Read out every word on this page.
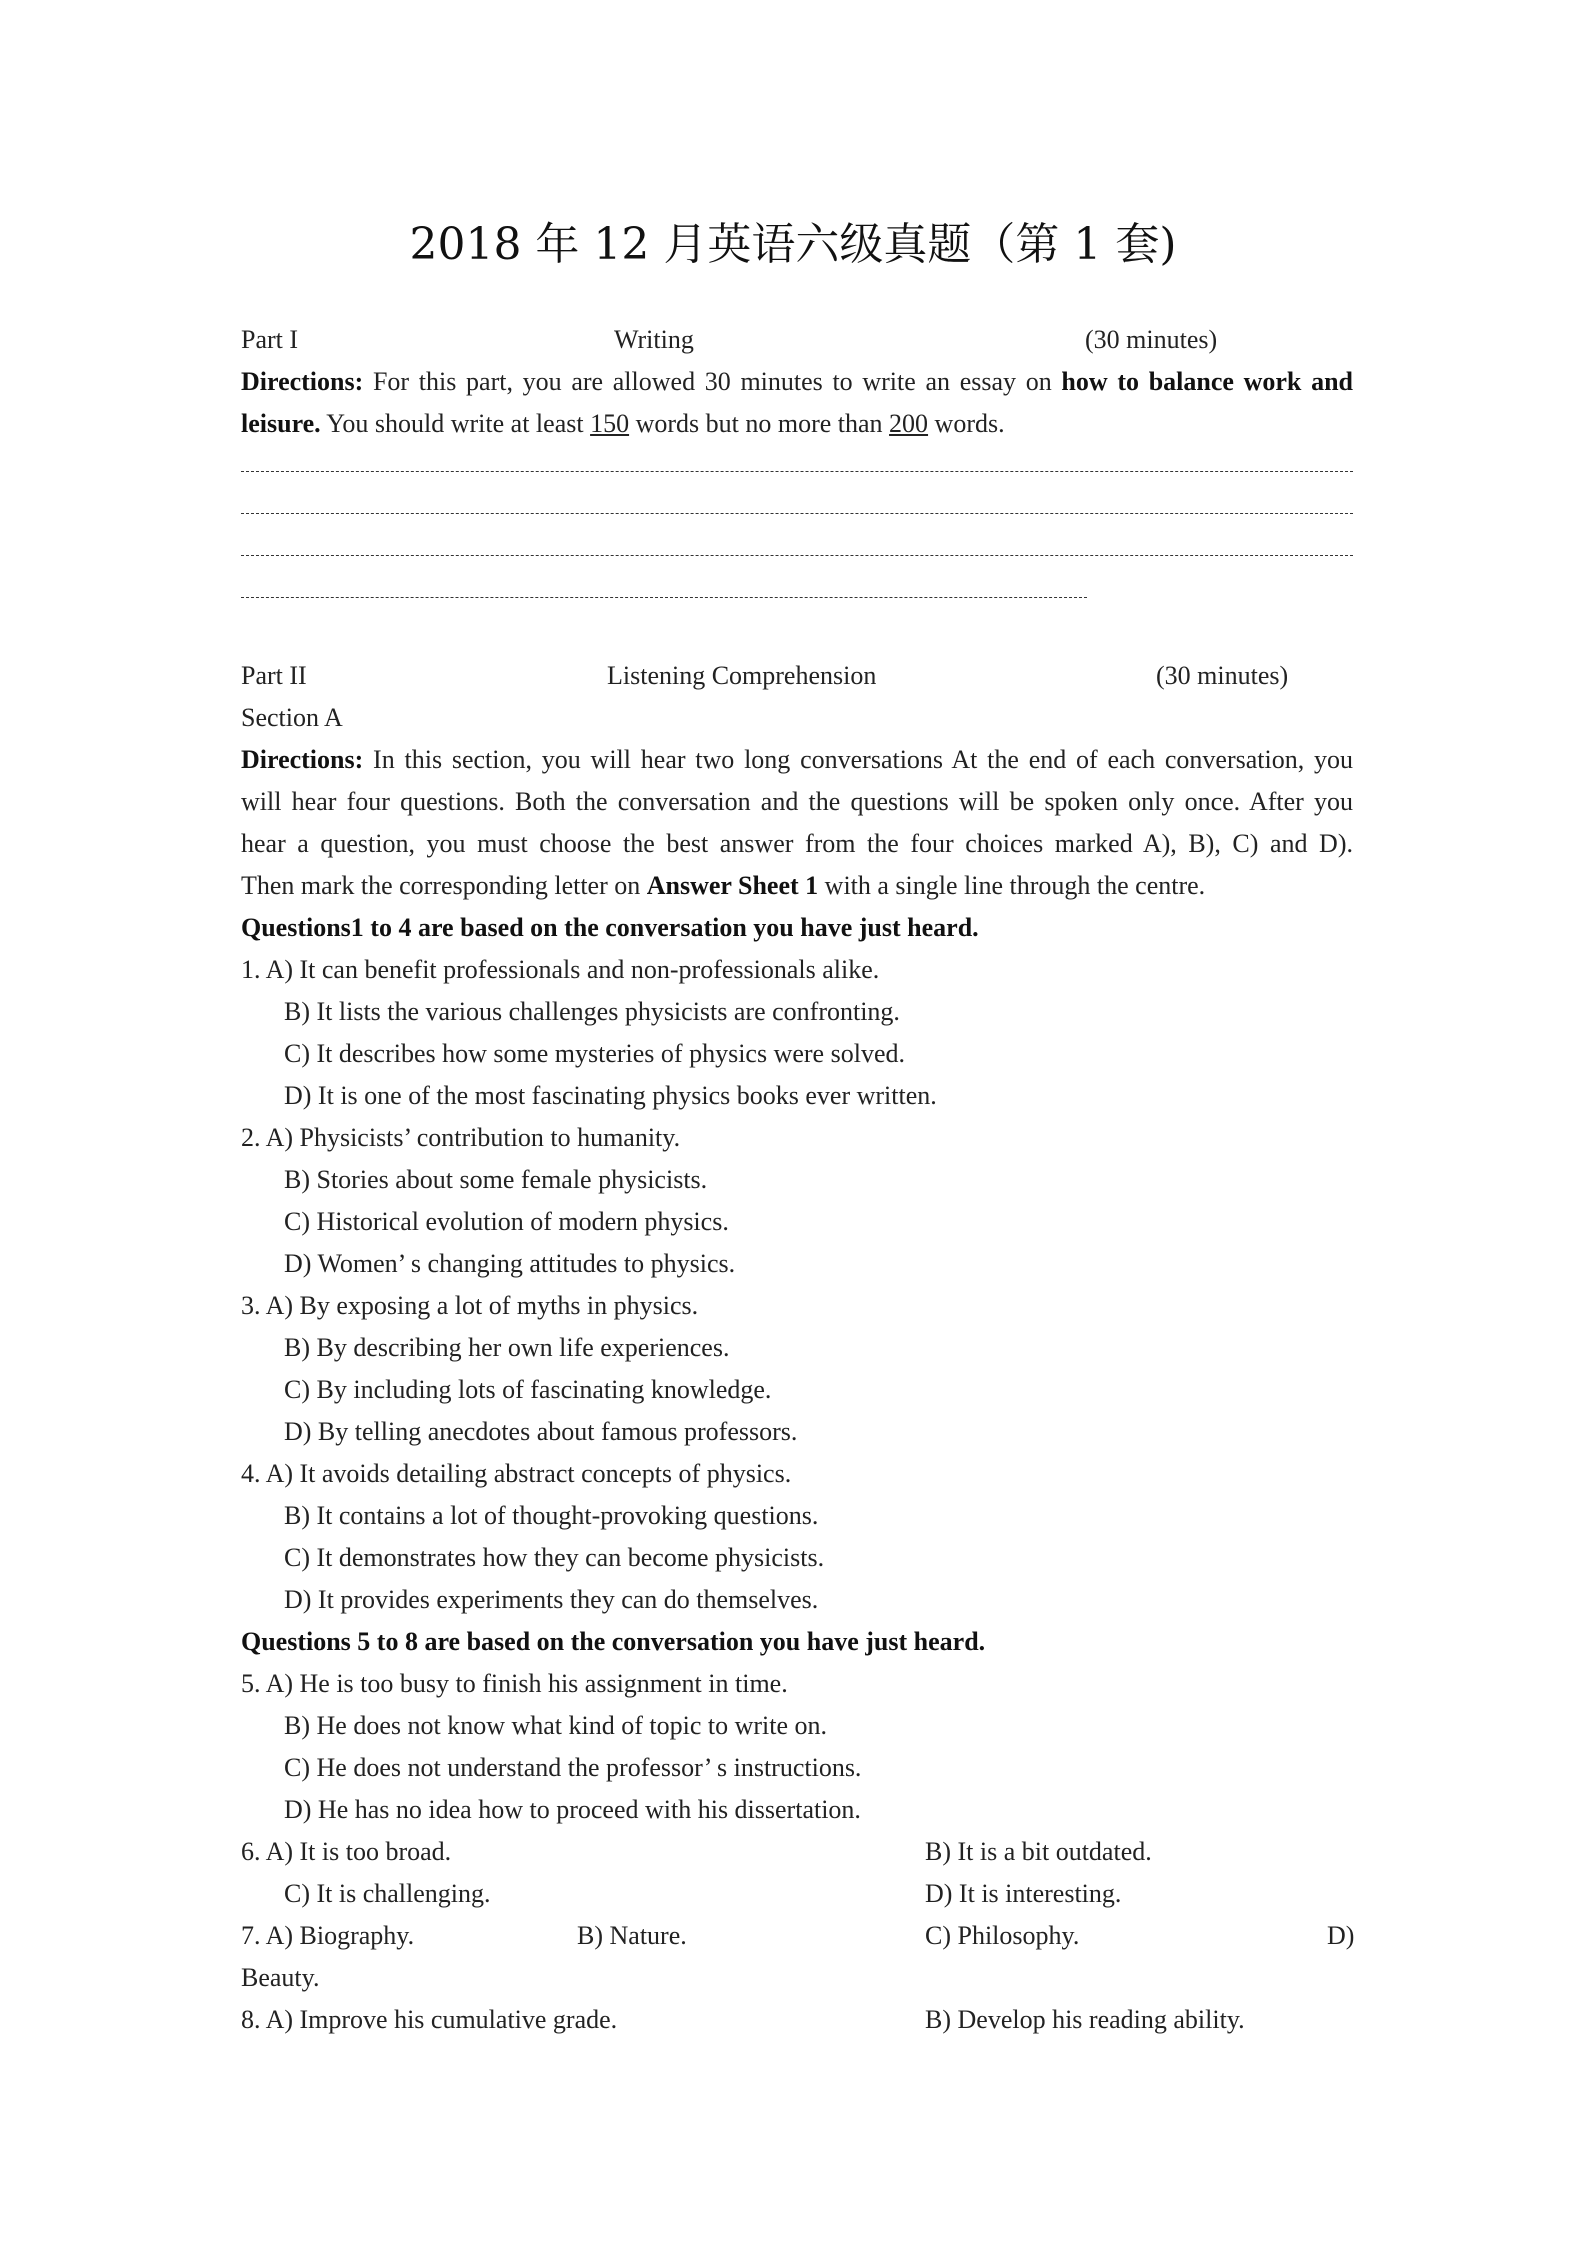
2018 年 12 月英语六级真题（第 1 套)
Part I	Writing	(30 minutes)
Directions: For this part, you are allowed 30 minutes to write an essay on how to balance work and
leisure. You should write at least 150 words but no more than 200 words.
Part II	Listening Comprehension	(30 minutes)
Section A
Directions: In this section, you will hear two long conversations At the end of each conversation, you
will hear four questions. Both the conversation and the questions will be spoken only once. After you
hear a question, you must choose the best answer from the four choices marked A), B), C) and D).
Then mark the corresponding letter on Answer Sheet 1 with a single line through the centre.
Questions1 to 4 are based on the conversation you have just heard.
1. A) It can benefit professionals and non-professionals alike.
B) It lists the various challenges physicists are confronting.
C) It describes how some mysteries of physics were solved.
D) It is one of the most fascinating physics books ever written.
2. A) Physicists’ contribution to humanity.
B) Stories about some female physicists.
C) Historical evolution of modern physics.
D) Women’ s changing attitudes to physics.
3. A) By exposing a lot of myths in physics.
B) By describing her own life experiences.
C) By including lots of fascinating knowledge.
D) By telling anecdotes about famous professors.
4. A) It avoids detailing abstract concepts of physics.
B) It contains a lot of thought-provoking questions.
C) It demonstrates how they can become physicists.
D) It provides experiments they can do themselves.
Questions 5 to 8 are based on the conversation you have just heard.
5. A) He is too busy to finish his assignment in time.
B) He does not know what kind of topic to write on.
C) He does not understand the professor’ s instructions.
D) He has no idea how to proceed with his dissertation.
6. A) It is too broad.	B) It is a bit outdated.
C) It is challenging.	D) It is interesting.
7. A) Biography.	B) Nature.	C) Philosophy.	D)
Beauty.
8. A) Improve his cumulative grade.	B) Develop his reading ability.
